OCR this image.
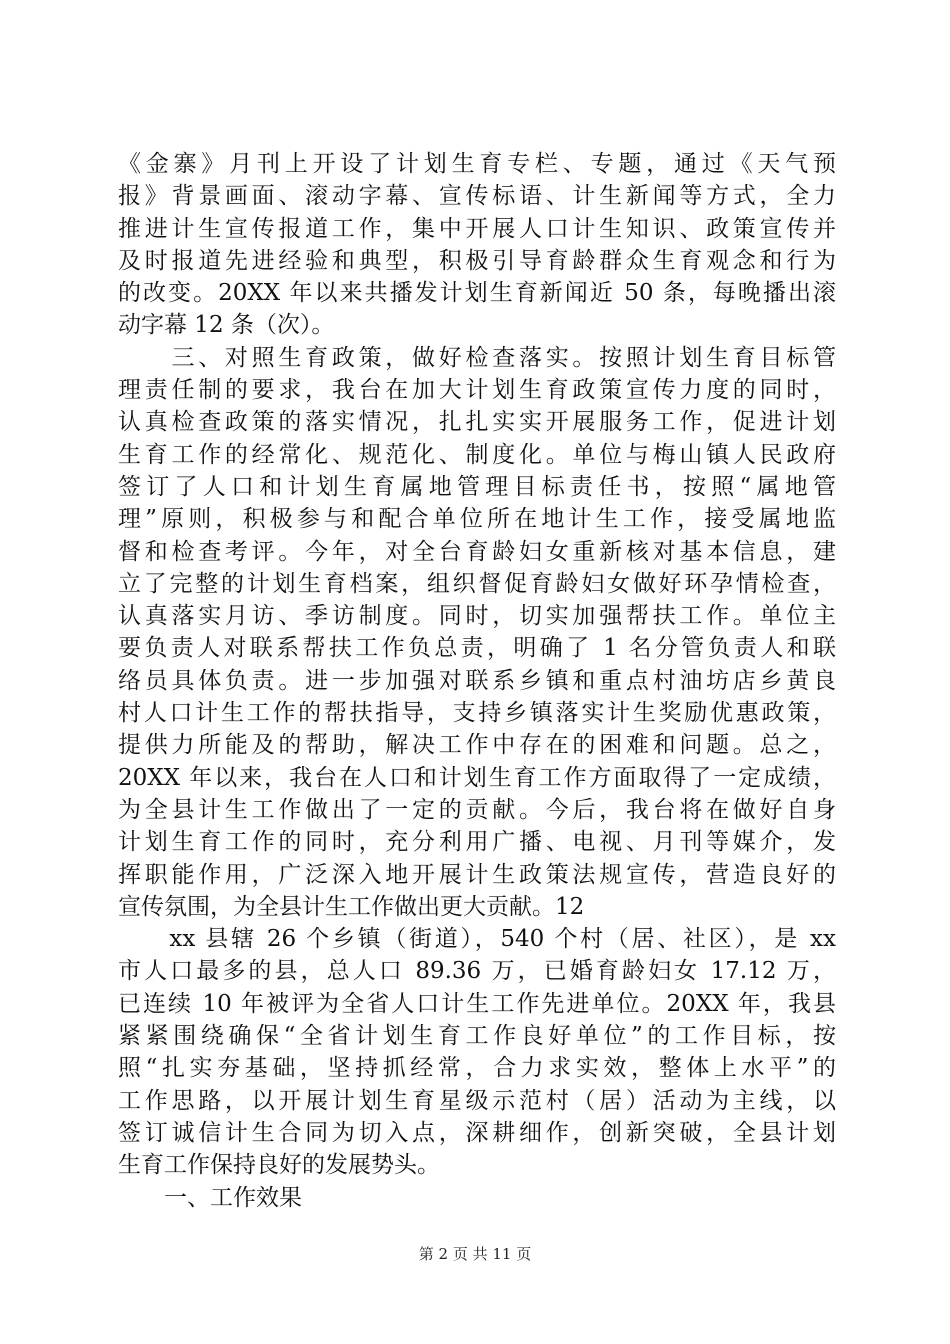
《金寨》月刊上开设了计划生育专栏、专题，通过《天气预
报》背景画面、滚动字幕、宣传标语、计生新闻等方式，全力
推进计生宣传报道工作，集中开展人口计生知识、政策宣传并
及时报道先进经验和典型，积极引导育龄群众生育观念和行为
的改变。20XX 年以来共播发计划生育新闻近 50 条，每晚播出滚
动字幕 12 条（次）。
　　三、对照生育政策，做好检查落实。按照计划生育目标管
理责任制的要求，我台在加大计划生育政策宣传力度的同时，
认真检查政策的落实情况，扎扎实实开展服务工作，促进计划
生育工作的经常化、规范化、制度化。单位与梅山镇人民政府
签订了人口和计划生育属地管理目标责任书，按照“属地管
理”原则，积极参与和配合单位所在地计生工作，接受属地监
督和检查考评。今年，对全台育龄妇女重新核对基本信息，建
立了完整的计划生育档案，组织督促育龄妇女做好环孕情检查，
认真落实月访、季访制度。同时，切实加强帮扶工作。单位主
要负责人对联系帮扶工作负总责，明确了 1 名分管负责人和联
络员具体负责。进一步加强对联系乡镇和重点村油坊店乡黄良
村人口计生工作的帮扶指导，支持乡镇落实计生奖励优惠政策，
提供力所能及的帮助，解决工作中存在的困难和问题。总之，
20XX 年以来，我台在人口和计划生育工作方面取得了一定成绩，
为全县计生工作做出了一定的贡献。今后，我台将在做好自身
计划生育工作的同时，充分利用广播、电视、月刊等媒介，发
挥职能作用，广泛深入地开展计生政策法规宣传，营造良好的
宣传氛围，为全县计生工作做出更大贡献。12
　　xx 县辖 26 个乡镇（街道），540 个村（居、社区），是 xx
市人口最多的县，总人口 89.36 万，已婚育龄妇女 17.12 万，
已连续 10 年被评为全省人口计生工作先进单位。20XX 年，我县
紧紧围绕确保“全省计划生育工作良好单位”的工作目标，按
照“扎实夯基础，坚持抓经常，合力求实效，整体上水平”的
工作思路，以开展计划生育星级示范村（居）活动为主线，以
签订诚信计生合同为切入点，深耕细作，创新突破，全县计划
生育工作保持良好的发展势头。
　　一、工作效果
第 2 页 共 11 页
